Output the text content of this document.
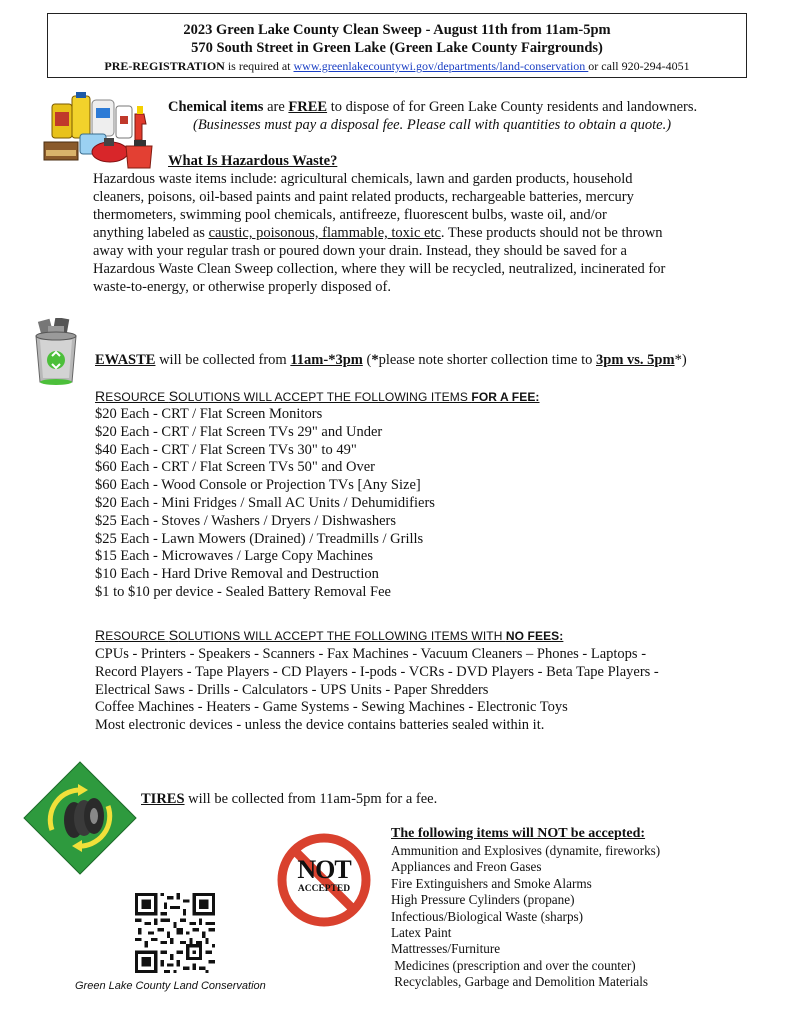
2023 Green Lake County Clean Sweep - August 11th from 11am-5pm
570 South Street in Green Lake (Green Lake County Fairgrounds)
PRE-REGISTRATION is required at www.greenlakecountywi.gov/departments/land-conservation or call 920-294-4051
Chemical items are FREE to dispose of for Green Lake County residents and landowners.
(Businesses must pay a disposal fee. Please call with quantities to obtain a quote.)
What Is Hazardous Waste?
Hazardous waste items include: agricultural chemicals, lawn and garden products, household
cleaners, poisons, oil-based paints and paint related products, rechargeable batteries, mercury
thermometers, swimming pool chemicals, antifreeze, fluorescent bulbs, waste oil, and/or
anything labeled as caustic, poisonous, flammable, toxic etc. These products should not be thrown
away with your regular trash or poured down your drain. Instead, they should be saved for a
Hazardous Waste Clean Sweep collection, where they will be recycled, neutralized, incinerated for
waste-to-energy, or otherwise properly disposed of.
EWASTE will be collected from 11am-*3pm (*please note shorter collection time to 3pm vs. 5pm*)
RESOURCE SOLUTIONS WILL ACCEPT THE FOLLOWING ITEMS FOR A FEE:
$20 Each - CRT / Flat Screen Monitors
$20 Each - CRT / Flat Screen TVs 29" and Under
$40 Each - CRT / Flat Screen TVs 30" to 49"
$60 Each - CRT / Flat Screen TVs 50" and Over
$60 Each - Wood Console or Projection TVs [Any Size]
$20 Each - Mini Fridges / Small AC Units / Dehumidifiers
$25 Each - Stoves / Washers / Dryers / Dishwashers
$25 Each - Lawn Mowers (Drained) / Treadmills / Grills
$15 Each - Microwaves / Large Copy Machines
$10 Each - Hard Drive Removal and Destruction
$1 to $10 per device - Sealed Battery Removal Fee
RESOURCE SOLUTIONS WILL ACCEPT THE FOLLOWING ITEMS WITH NO FEES:
CPUs - Printers - Speakers - Scanners - Fax Machines - Vacuum Cleaners – Phones - Laptops -
Record Players - Tape Players - CD Players - I-pods - VCRs - DVD Players - Beta Tape Players -
Electrical Saws - Drills - Calculators - UPS Units - Paper Shredders
Coffee Machines - Heaters - Game Systems - Sewing Machines - Electronic Toys
Most electronic devices - unless the device contains batteries sealed within it.
TIRES will be collected from 11am-5pm for a fee.
NOT
ACCEPTED
The following items will NOT be accepted:
Ammunition and Explosives (dynamite, fireworks)
Appliances and Freon Gases
Fire Extinguishers and Smoke Alarms
High Pressure Cylinders (propane)
Infectious/Biological Waste (sharps)
Latex Paint
Mattresses/Furniture
Medicines (prescription and over the counter)
Recyclables, Garbage and Demolition Materials
Green Lake County Land Conservation
